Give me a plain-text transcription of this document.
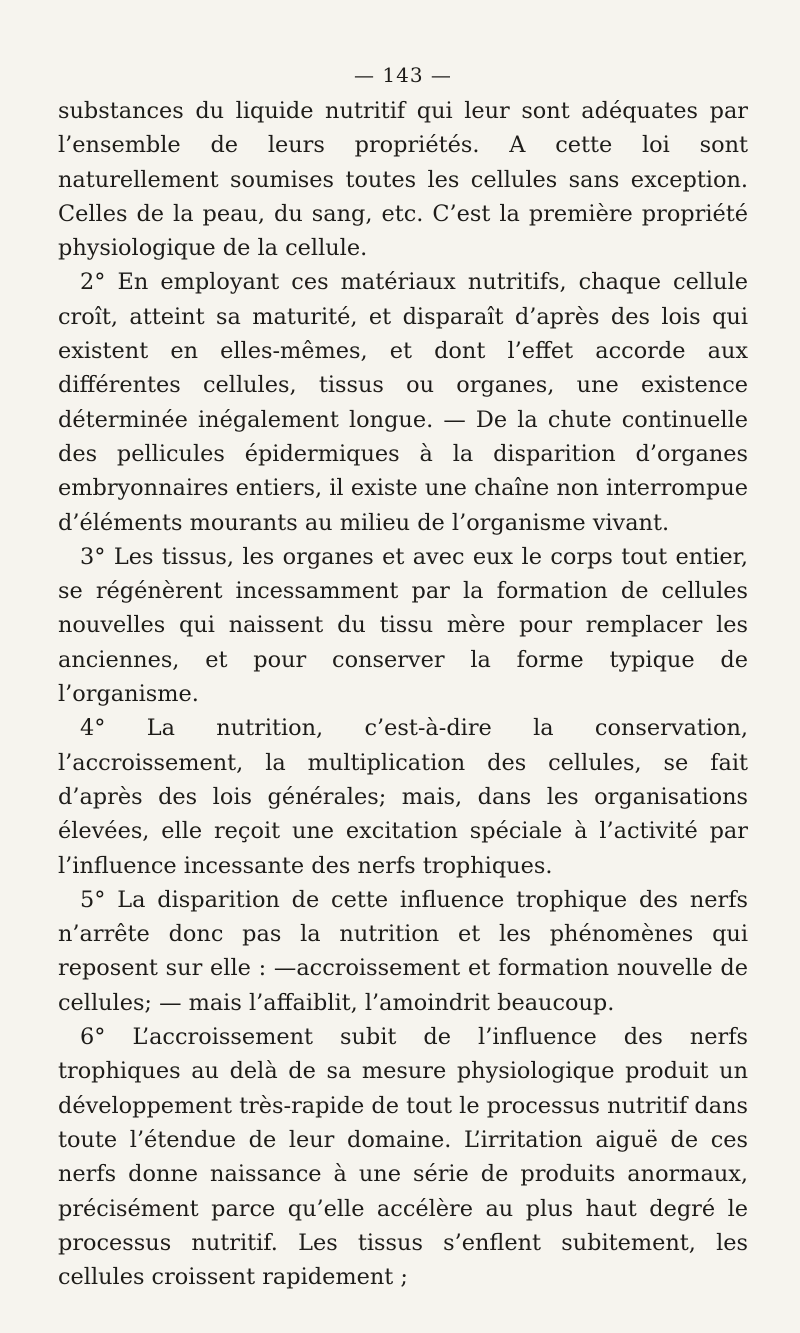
— 143 —

substances du liquide nutritif qui leur sont adéquates par l’ensemble de leurs propriétés. A cette loi sont naturellement soumises toutes les cellules sans exception. Celles de la peau, du sang, etc. C’est la première propriété physiologique de la cellule.

2° En employant ces matériaux nutritifs, chaque cellule croît, atteint sa maturité, et disparaît d’après des lois qui existent en elles-mêmes, et dont l’effet accorde aux différentes cellules, tissus ou organes, une existence déterminée inégalement longue. — De la chute continuelle des pellicules épidermiques à la disparition d’organes embryonnaires entiers, il existe une chaîne non interrompue d’éléments mourants au milieu de l’organisme vivant.

3° Les tissus, les organes et avec eux le corps tout entier, se régénèrent incessamment par la formation de cellules nouvelles qui naissent du tissu mère pour remplacer les anciennes, et pour conserver la forme typique de l’organisme.

4° La nutrition, c’est-à-dire la conservation, l’accroissement, la multiplication des cellules, se fait d’après des lois générales; mais, dans les organisations élevées, elle reçoit une excitation spéciale à l’activité par l’influence incessante des nerfs trophiques.

5° La disparition de cette influence trophique des nerfs n’arrête donc pas la nutrition et les phénomènes qui reposent sur elle : —accroissement et formation nouvelle de cellules; — mais l’affaiblit, l’amoindrit beaucoup.

6° L’accroissement subit de l’influence des nerfs trophiques au delà de sa mesure physiologique produit un développement très-rapide de tout le processus nutritif dans toute l’étendue de leur domaine. L’irritation aiguë de ces nerfs donne naissance à une série de produits anormaux, précisément parce qu’elle accélère au plus haut degré le processus nutritif. Les tissus s’enflent subitement, les cellules croissent rapidement ;
